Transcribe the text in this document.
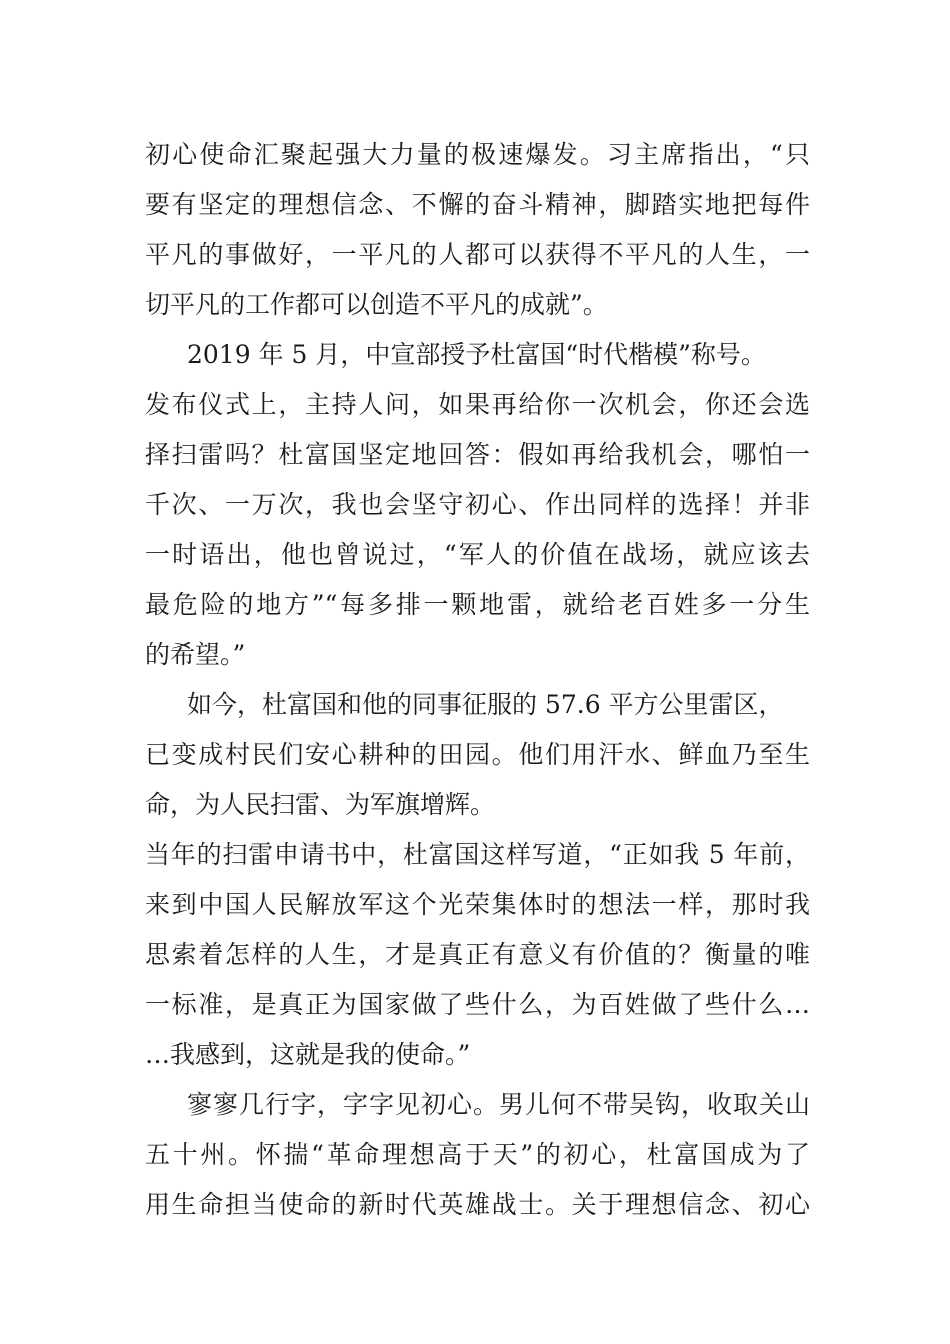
初心使命汇聚起强大力量的极速爆发。习主席指出，“只
要有坚定的理想信念、不懈的奋斗精神，脚踏实地把每件
平凡的事做好，一平凡的人都可以获得不平凡的人生，一
切平凡的工作都可以创造不平凡的成就”。
2019 年 5 月，中宣部授予杜富国“时代楷模”称号。
发布仪式上，主持人问，如果再给你一次机会，你还会选
择扫雷吗？杜富国坚定地回答：假如再给我机会，哪怕一
千次、一万次，我也会坚守初心、作出同样的选择！并非
一时语出，他也曾说过，“军人的价值在战场，就应该去
最危险的地方”“每多排一颗地雷，就给老百姓多一分生
的希望。”
如今，杜富国和他的同事征服的 57.6 平方公里雷区，
已变成村民们安心耕种的田园。他们用汗水、鲜血乃至生
命，为人民扫雷、为军旗增辉。
当年的扫雷申请书中，杜富国这样写道，“正如我 5 年前，
来到中国人民解放军这个光荣集体时的想法一样，那时我
思索着怎样的人生，才是真正有意义有价值的？衡量的唯
一标准，是真正为国家做了些什么，为百姓做了些什么…
…我感到，这就是我的使命。”
寥寥几行字，字字见初心。男儿何不带吴钩，收取关山
五十州。怀揣“革命理想高于天”的初心，杜富国成为了
用生命担当使命的新时代英雄战士。关于理想信念、初心
